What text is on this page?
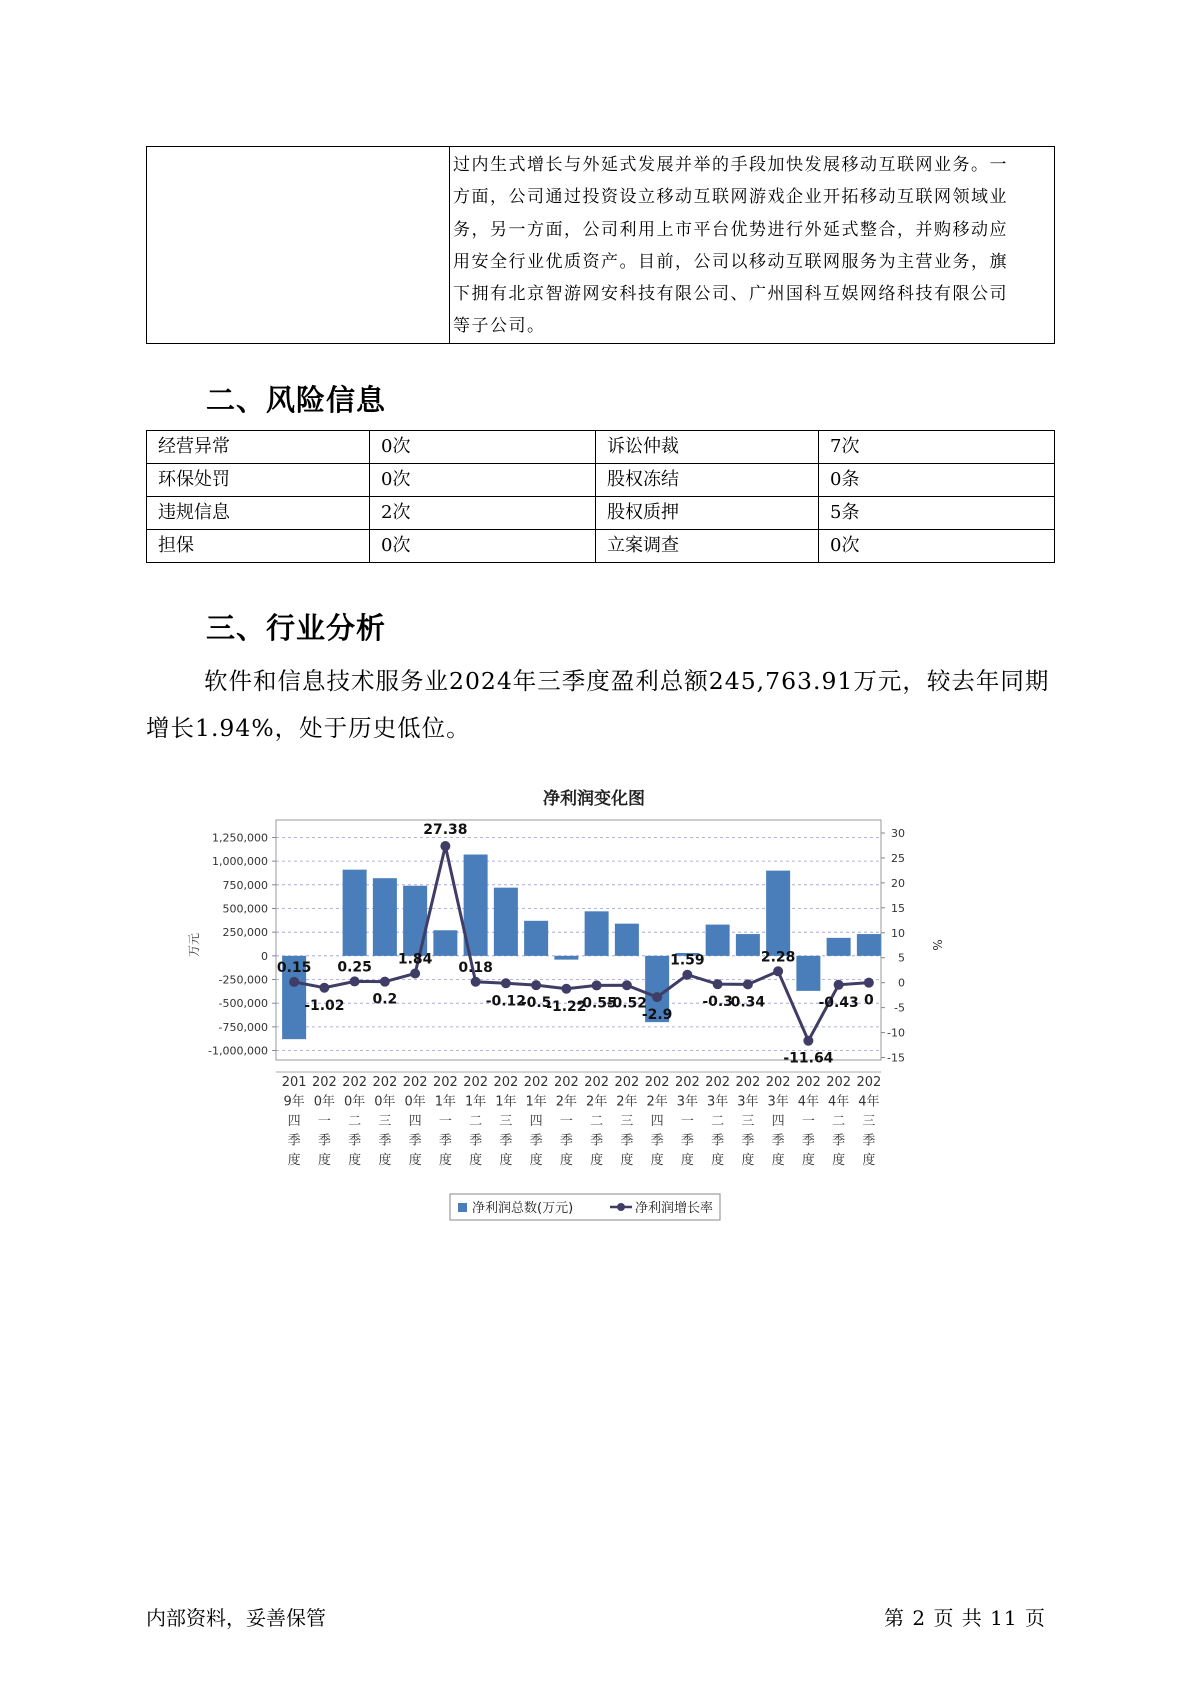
过内生式增长与外延式发展并举的手段加快发展移动互联网业务。一
方面，公司通过投资设立移动互联网游戏企业开拓移动互联网领域业
务，另一方面，公司利用上市平台优势进行外延式整合，并购移动应
用安全行业优质资产。目前，公司以移动互联网服务为主营业务，旗
下拥有北京智游网安科技有限公司、广州国科互娱网络科技有限公司
等子公司。
二、风险信息
经营异常	0次	诉讼仲裁	7次
环保处罚	0次	股权冻结	0条
违规信息	2次	股权质押	5条
担保	0次	立案调查	0次
三、行业分析
软件和信息技术服务业2024年三季度盈利总额245,763.91万元，较去年同期增长1.94%，处于历史低位。
净利润变化图
1,250,000
1,000,000
750,000
500,000
250,000
0
-250,000
-500,000
-750,000
-1,000,000
30
25
20
15
10
5
0
-5
-10
-15
万元	%
0.15
-1.02
0.25
0.2
1.84
27.38
0.18
-0.12
-0.5
-1.22
-0.55
-0.52
-2.9
1.59
-0.3
0.34
2.28
-11.64
-0.43 0
201
9年
四
季
度
202
0年
一
季
度
202
0年
二
季
度
202
0年
三
季
度
202
0年
四
季
度
202
1年
一
季
度
202
1年
二
季
度
202
1年
三
季
度
202
1年
四
季
度
202
2年
一
季
度
202
2年
二
季
度
202
2年
三
季
度
202
2年
四
季
度
202
3年
一
季
度
202
3年
二
季
度
202
3年
三
季
度
202
3年
四
季
度
202
4年
一
季
度
202
4年
二
季
度
202
4年
三
季
度
净利润总数(万元)	净利润增长率
内部资料，妥善保管	第 2 页 共 11 页
